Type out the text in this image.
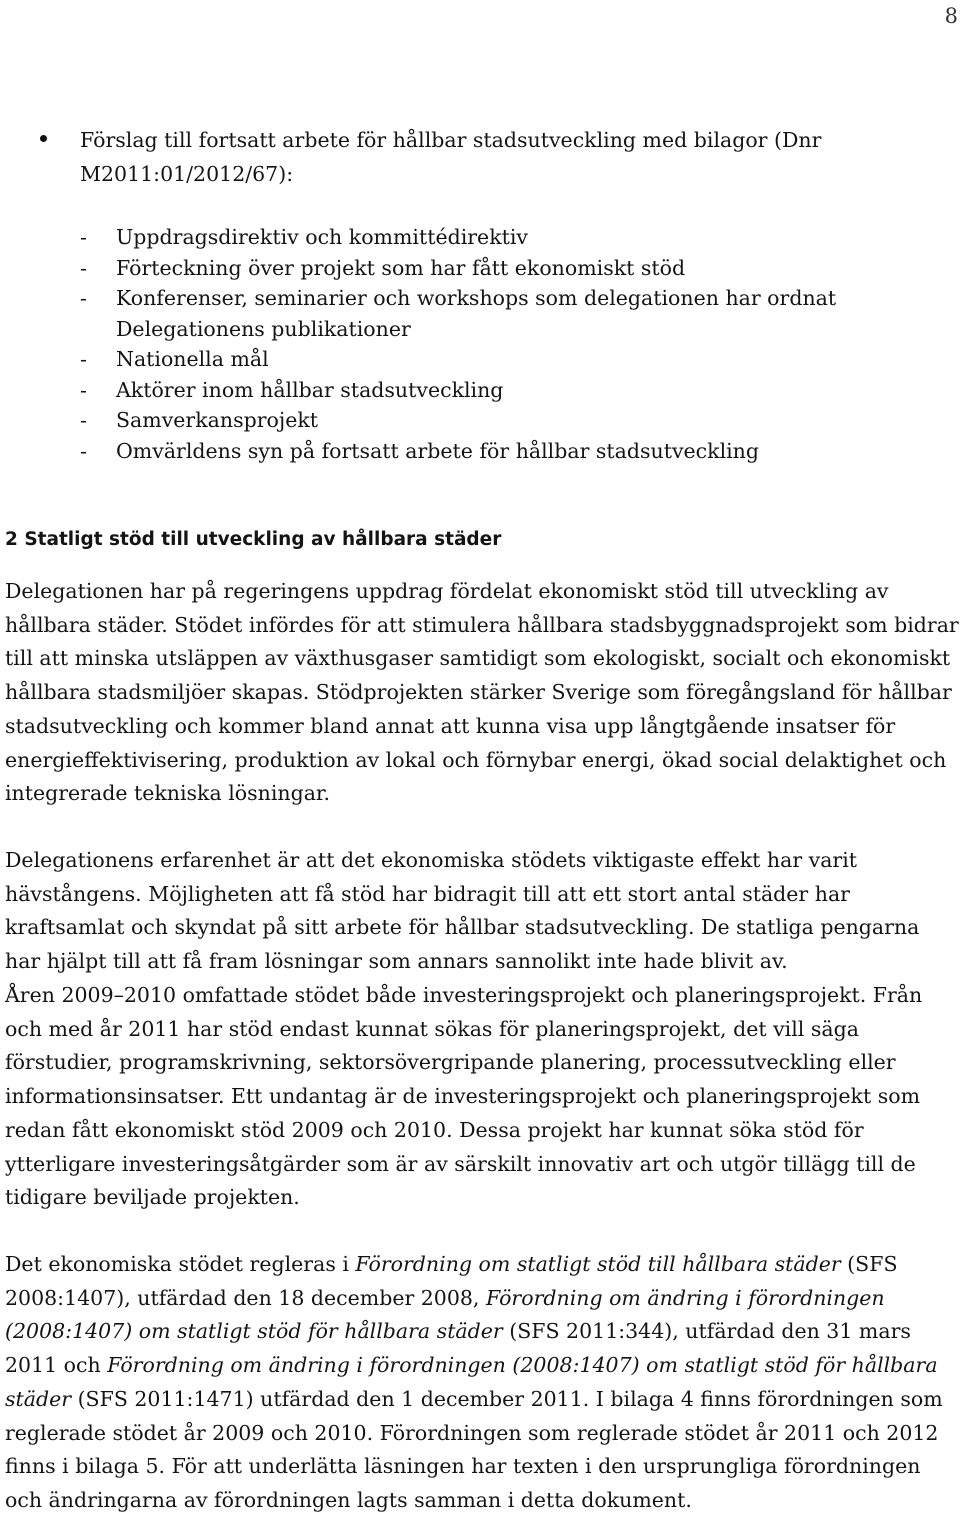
8
Förslag till fortsatt arbete för hållbar stadsutveckling med bilagor (Dnr M2011:01/2012/67):
- Uppdragsdirektiv och kommittédirektiv
- Förteckning över projekt som har fått ekonomiskt stöd
- Konferenser, seminarier och workshops som delegationen har ordnat
Delegationens publikationer
- Nationella mål
- Aktörer inom hållbar stadsutveckling
- Samverkansprojekt
- Omvärldens syn på fortsatt arbete för hållbar stadsutveckling
2 Statligt stöd till utveckling av hållbara städer

Delegationen har på regeringens uppdrag fördelat ekonomiskt stöd till utveckling av hållbara städer. Stödet infördes för att stimulera hållbara stadsbyggnadsprojekt som bidrar till att minska utsläppen av växthusgaser samtidigt som ekologiskt, socialt och ekonomiskt hållbara stadsmiljöer skapas. Stödprojekten stärker Sverige som föregångsland för hållbar stadsutveckling och kommer bland annat att kunna visa upp långtgående insatser för energieffektivisering, produktion av lokal och förnybar energi, ökad social delaktighet och integrerade tekniska lösningar.

Delegationens erfarenhet är att det ekonomiska stödets viktigaste effekt har varit hävstångens. Möjligheten att få stöd har bidragit till att ett stort antal städer har kraftsamlat och skyndat på sitt arbete för hållbar stadsutveckling. De statliga pengarna har hjälpt till att få fram lösningar som annars sannolikt inte hade blivit av.

Åren 2009–2010 omfattade stödet både investeringsprojekt och planeringsprojekt. Från och med år 2011 har stöd endast kunnat sökas för planeringsprojekt, det vill säga förstudier, programskrivning, sektorsövergripande planering, processutveckling eller informationsinsatser. Ett undantag är de investeringsprojekt och planeringsprojekt som redan fått ekonomiskt stöd 2009 och 2010. Dessa projekt har kunnat söka stöd för ytterligare investeringsåtgärder som är av särskilt innovativ art och utgör tillägg till de tidigare beviljade projekten.

Det ekonomiska stödet regleras i Förordning om statligt stöd till hållbara städer (SFS 2008:1407), utfärdad den 18 december 2008, Förordning om ändring i förordningen (2008:1407) om statligt stöd för hållbara städer (SFS 2011:344), utfärdad den 31 mars 2011 och Förordning om ändring i förordningen (2008:1407) om statligt stöd för hållbara städer (SFS 2011:1471) utfärdad den 1 december 2011. I bilaga 4 finns förordningen som reglerade stödet år 2009 och 2010. Förordningen som reglerade stödet år 2011 och 2012 finns i bilaga 5. För att underlätta läsningen har texten i den ursprungliga förordningen och ändringarna av förordningen lagts samman i detta dokument.
